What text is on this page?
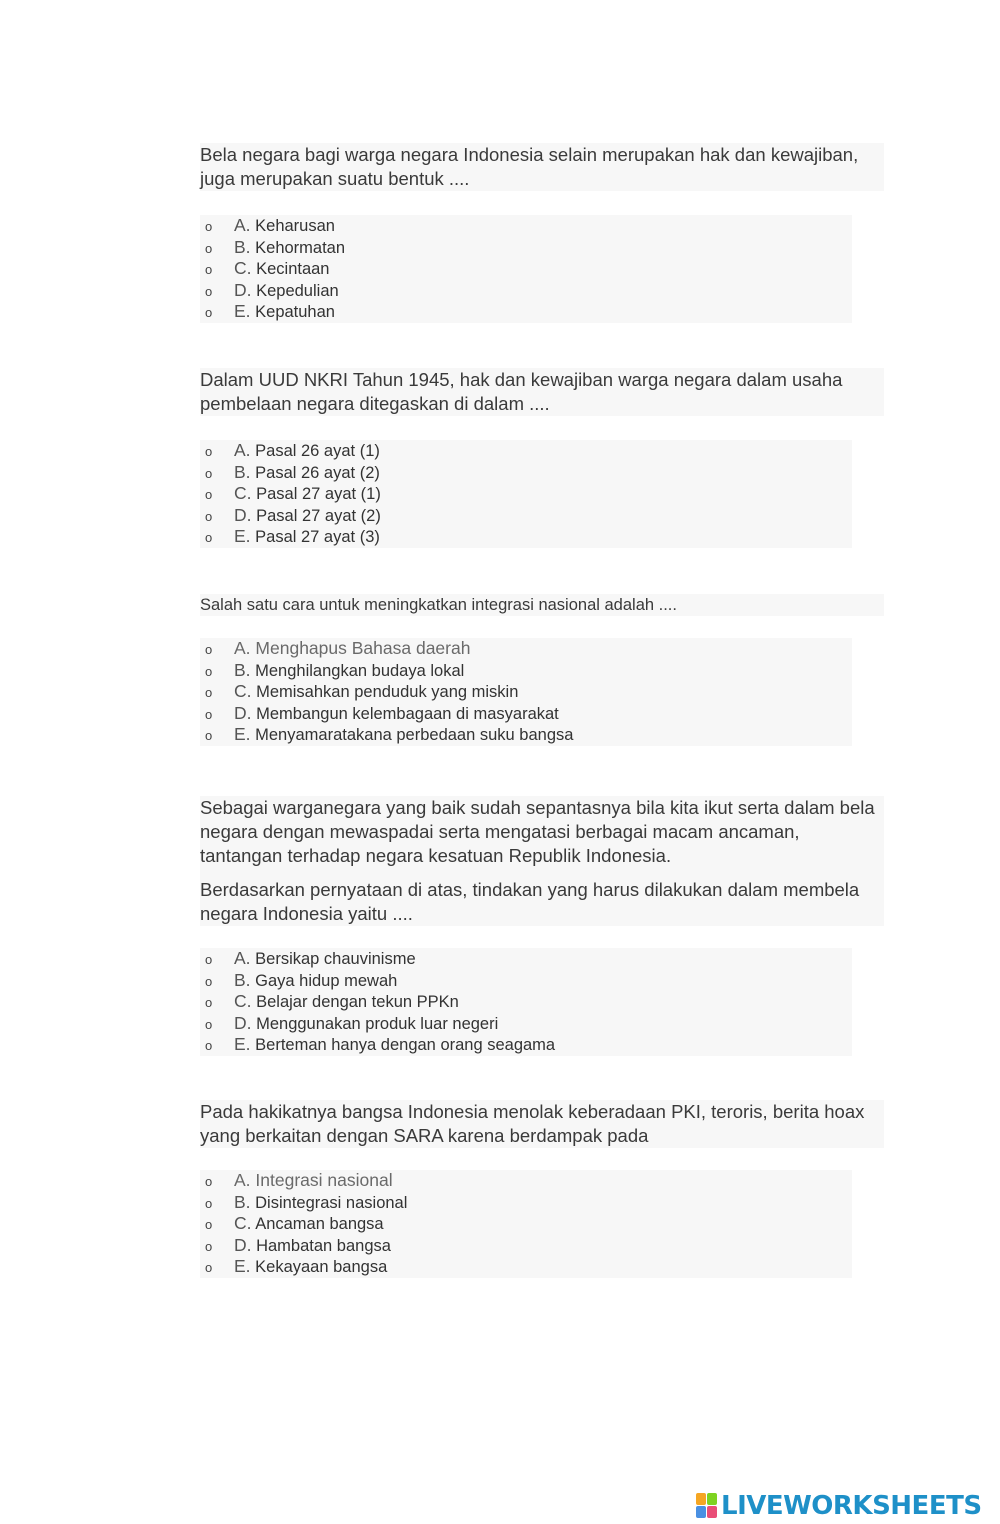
Bela negara bagi warga negara Indonesia selain merupakan hak dan kewajiban, juga merupakan suatu bentuk ....

o A. Keharusan
o B. Kehormatan
o C. Kecintaan
o D. Kepedulian
o E. Kepatuhan

Dalam UUD NKRI Tahun 1945, hak dan kewajiban warga negara dalam usaha pembelaan negara ditegaskan di dalam ....

o A. Pasal 26 ayat (1)
o B. Pasal 26 ayat (2)
o C. Pasal 27 ayat (1)
o D. Pasal 27 ayat (2)
o E. Pasal 27 ayat (3)

Salah satu cara untuk meningkatkan integrasi nasional adalah ....

o A. Menghapus Bahasa daerah
o B. Menghilangkan budaya lokal
o C. Memisahkan penduduk yang miskin
o D. Membangun kelembagaan di masyarakat
o E. Menyamaratakana perbedaan suku bangsa

Sebagai warganegara yang baik sudah sepantasnya bila kita ikut serta dalam bela negara dengan mewaspadai serta mengatasi berbagai macam ancaman, tantangan terhadap negara kesatuan Republik Indonesia.

Berdasarkan pernyataan di atas, tindakan yang harus dilakukan dalam membela negara Indonesia yaitu ....

o A. Bersikap chauvinisme
o B. Gaya hidup mewah
o C. Belajar dengan tekun PPKn
o D. Menggunakan produk luar negeri
o E. Berteman hanya dengan orang seagama

Pada hakikatnya bangsa Indonesia menolak keberadaan PKI, teroris, berita hoax yang berkaitan dengan SARA karena berdampak pada

o A. Integrasi nasional
o B. Disintegrasi nasional
o C. Ancaman bangsa
o D. Hambatan bangsa
o E. Kekayaan bangsa
LIVEWORKSHEETS
